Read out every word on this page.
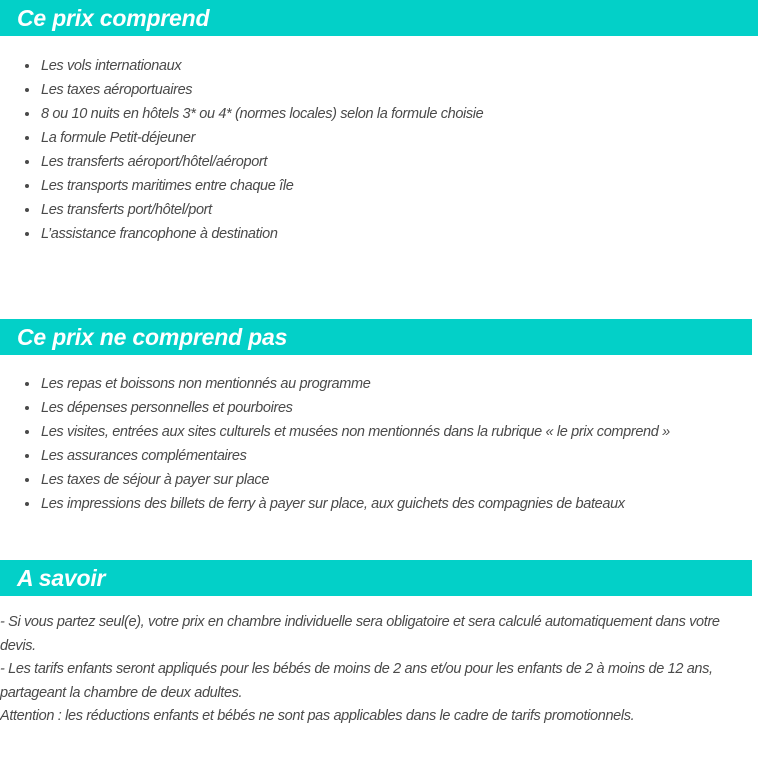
Ce prix comprend
Les vols internationaux
Les taxes aéroportuaires
8 ou 10 nuits en hôtels 3* ou 4* (normes locales) selon la formule choisie
La formule Petit-déjeuner
Les transferts aéroport/hôtel/aéroport
Les transports maritimes entre chaque île
Les transferts port/hôtel/port
L’assistance francophone à destination
Ce prix ne comprend pas
Les repas et boissons non mentionnés au programme
Les dépenses personnelles et pourboires
Les visites, entrées aux sites culturels et musées non mentionnés dans la rubrique « le prix comprend »
Les assurances complémentaires
Les taxes de séjour à payer sur place
Les impressions des billets de ferry à payer sur place, aux guichets des compagnies de bateaux
A savoir

- Si vous partez seul(e), votre prix en chambre individuelle sera obligatoire et sera calculé automatiquement dans votre devis.

- Les tarifs enfants seront appliqués pour les bébés de moins de 2 ans et/ou pour les enfants de 2 à moins de 12 ans, partageant la chambre de deux adultes.

Attention : les réductions enfants et bébés ne sont pas applicables dans le cadre de tarifs promotionnels.
